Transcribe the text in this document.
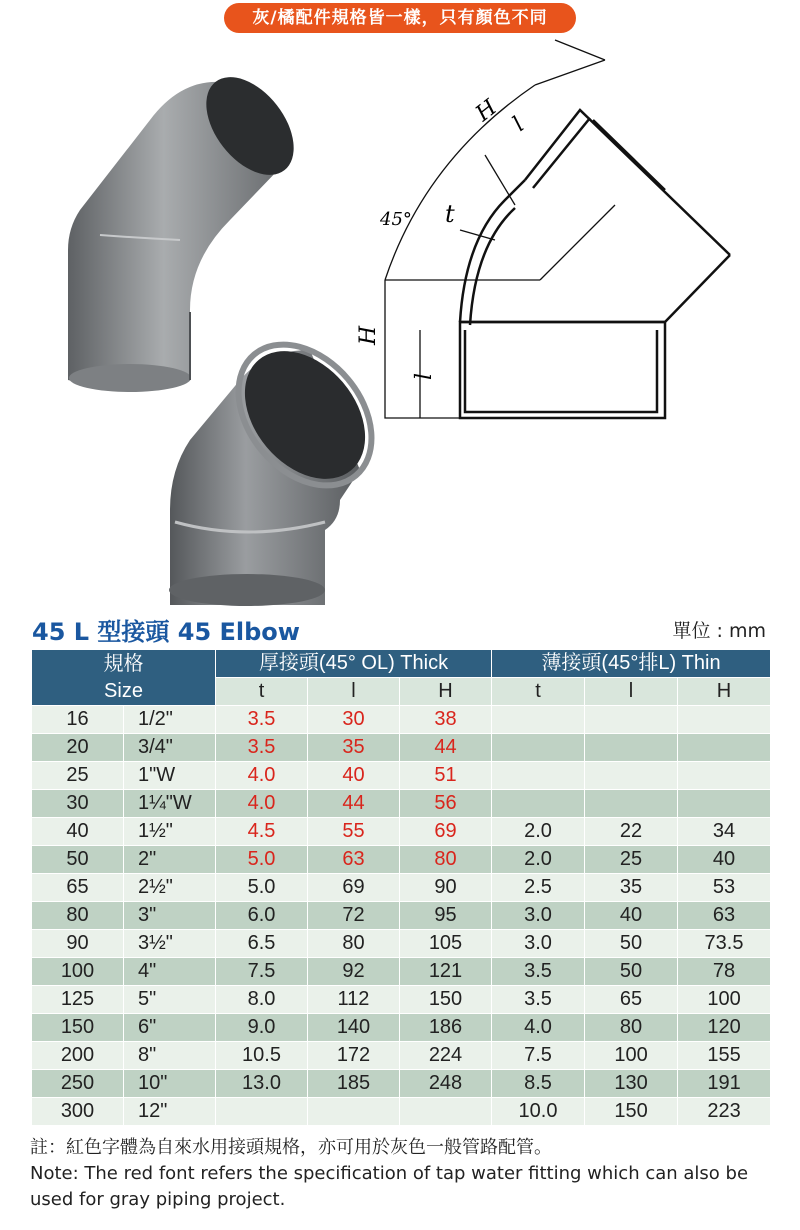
灰/橘配件規格皆一樣，只有顏色不同
H l
45° t
H
l
45 L 型接頭 45 Elbow	單位 : mm
規格
Size		厚接頭(45° OL) Thick			薄接頭(45°排L) Thin		
		t	l	H	t	l	H
16	1/2"	3.5	30	38			
20	3/4"	3.5	35	44			
25	1"W	4.0	40	51			
30	1¼"W	4.0	44	56			
40	1½"	4.5	55	69	2.0	22	34
50	2"	5.0	63	80	2.0	25	40
65	2½"	5.0	69	90	2.5	35	53
80	3"	6.0	72	95	3.0	40	63
90	3½"	6.5	80	105	3.0	50	73.5
100	4"	7.5	92	121	3.5	50	78
125	5"	8.0	112	150	3.5	65	100
150	6"	9.0	140	186	4.0	80	120
200	8"	10.5	172	224	7.5	100	155
250	10"	13.0	185	248	8.5	130	191
300	12"				10.0	150	223
註：紅色字體為自來水用接頭規格，亦可用於灰色一般管路配管。
Note: The red font refers the specification of tap water fitting which can also be used for gray piping project.
